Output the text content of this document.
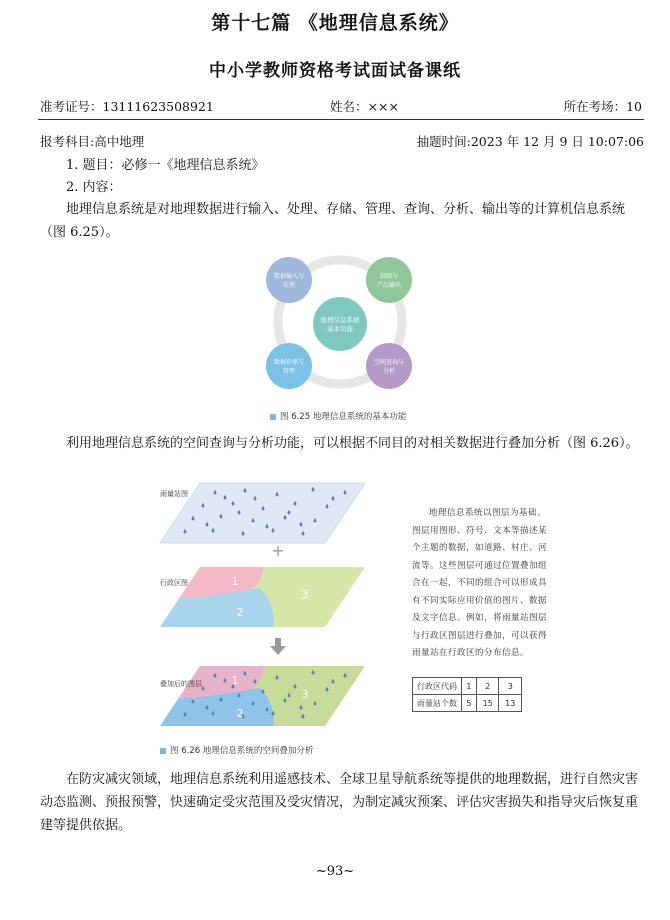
第十七篇 《地理信息系统》
中小学教师资格考试面试备课纸
准考证号：13111623508921	姓名：×××	所在考场：10
报考科目:高中地理	抽题时间:2023 年 12 月 9 日 10:07:06
1. 题目：必修一《地理信息系统》
2. 内容：
地理信息系统是对地理数据进行输入、处理、存储、管理、查询、分析、输出等的计算机信息系统（图 6.25）。
地理信息系统
基本功能
数据输入与
处理
制图与
产品输出
数据存储与
管理
空间查询与
分析
图 6.25 地理信息系统的基本功能
利用地理信息系统的空间查询与分析功能，可以根据不同目的对相关数据进行叠加分析（图 6.26）。
雨量站图
+
行政区图	1
2
3
叠加后的图层	1
2
3
地理信息系统以图层为基础。图层用图形、符号、文本等描述某个主题的数据，如道路、村庄、河流等。这些图层可通过位置叠加组合在一起，不同的组合可以形成具有不同实际应用价值的图片、数据及文字信息。例如，将雨量站图层与行政区图层进行叠加，可以获得雨量站在行政区的分布信息。
行政区代码	1	2	3
雨量站个数	5	15	13
图 6.26 地理信息系统的空间叠加分析
在防灾减灾领域，地理信息系统利用遥感技术、全球卫星导航系统等提供的地理数据，进行自然灾害动态监测、预报预警，快速确定受灾范围及受灾情况，为制定减灾预案、评估灾害损失和指导灾后恢复重建等提供依据。
~93~
